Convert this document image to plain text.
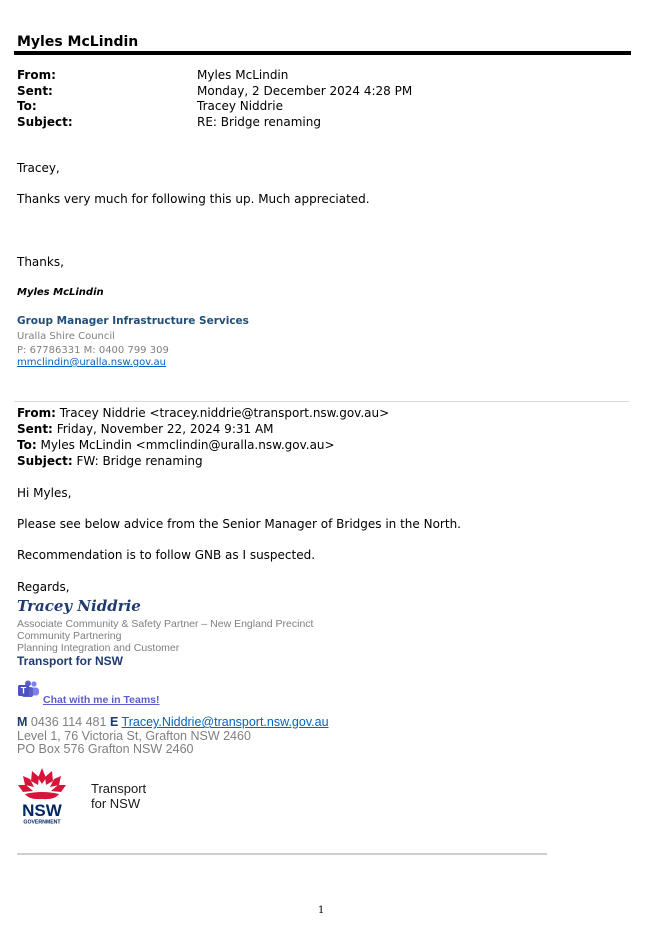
Myles McLindin
From:	Myles McLindin
Sent:	Monday, 2 December 2024 4:28 PM
To:	Tracey Niddrie
Subject:	RE: Bridge renaming
Tracey,
Thanks very much for following this up. Much appreciated.
Thanks,
Myles McLindin
Group Manager Infrastructure Services
Uralla Shire Council
P: 67786331 M: 0400 799 309
mmclindin@uralla.nsw.gov.au
From: Tracey Niddrie <tracey.niddrie@transport.nsw.gov.au>
Sent: Friday, November 22, 2024 9:31 AM
To: Myles McLindin <mmclindin@uralla.nsw.gov.au>
Subject: FW: Bridge renaming
Hi Myles,
Please see below advice from the Senior Manager of Bridges in the North.
Recommendation is to follow GNB as I suspected.
Regards,
Tracey Niddrie
Associate Community & Safety Partner – New England Precinct
Community Partnering
Planning Integration and Customer
Transport for NSW
T
Chat with me in Teams!
M 0436 114 481 E Tracey.Niddrie@transport.nsw.gov.au
Level 1, 76 Victoria St, Grafton NSW 2460
PO Box 576 Grafton NSW 2460
NSW
GOVERNMENT
Transport
for NSW
1
